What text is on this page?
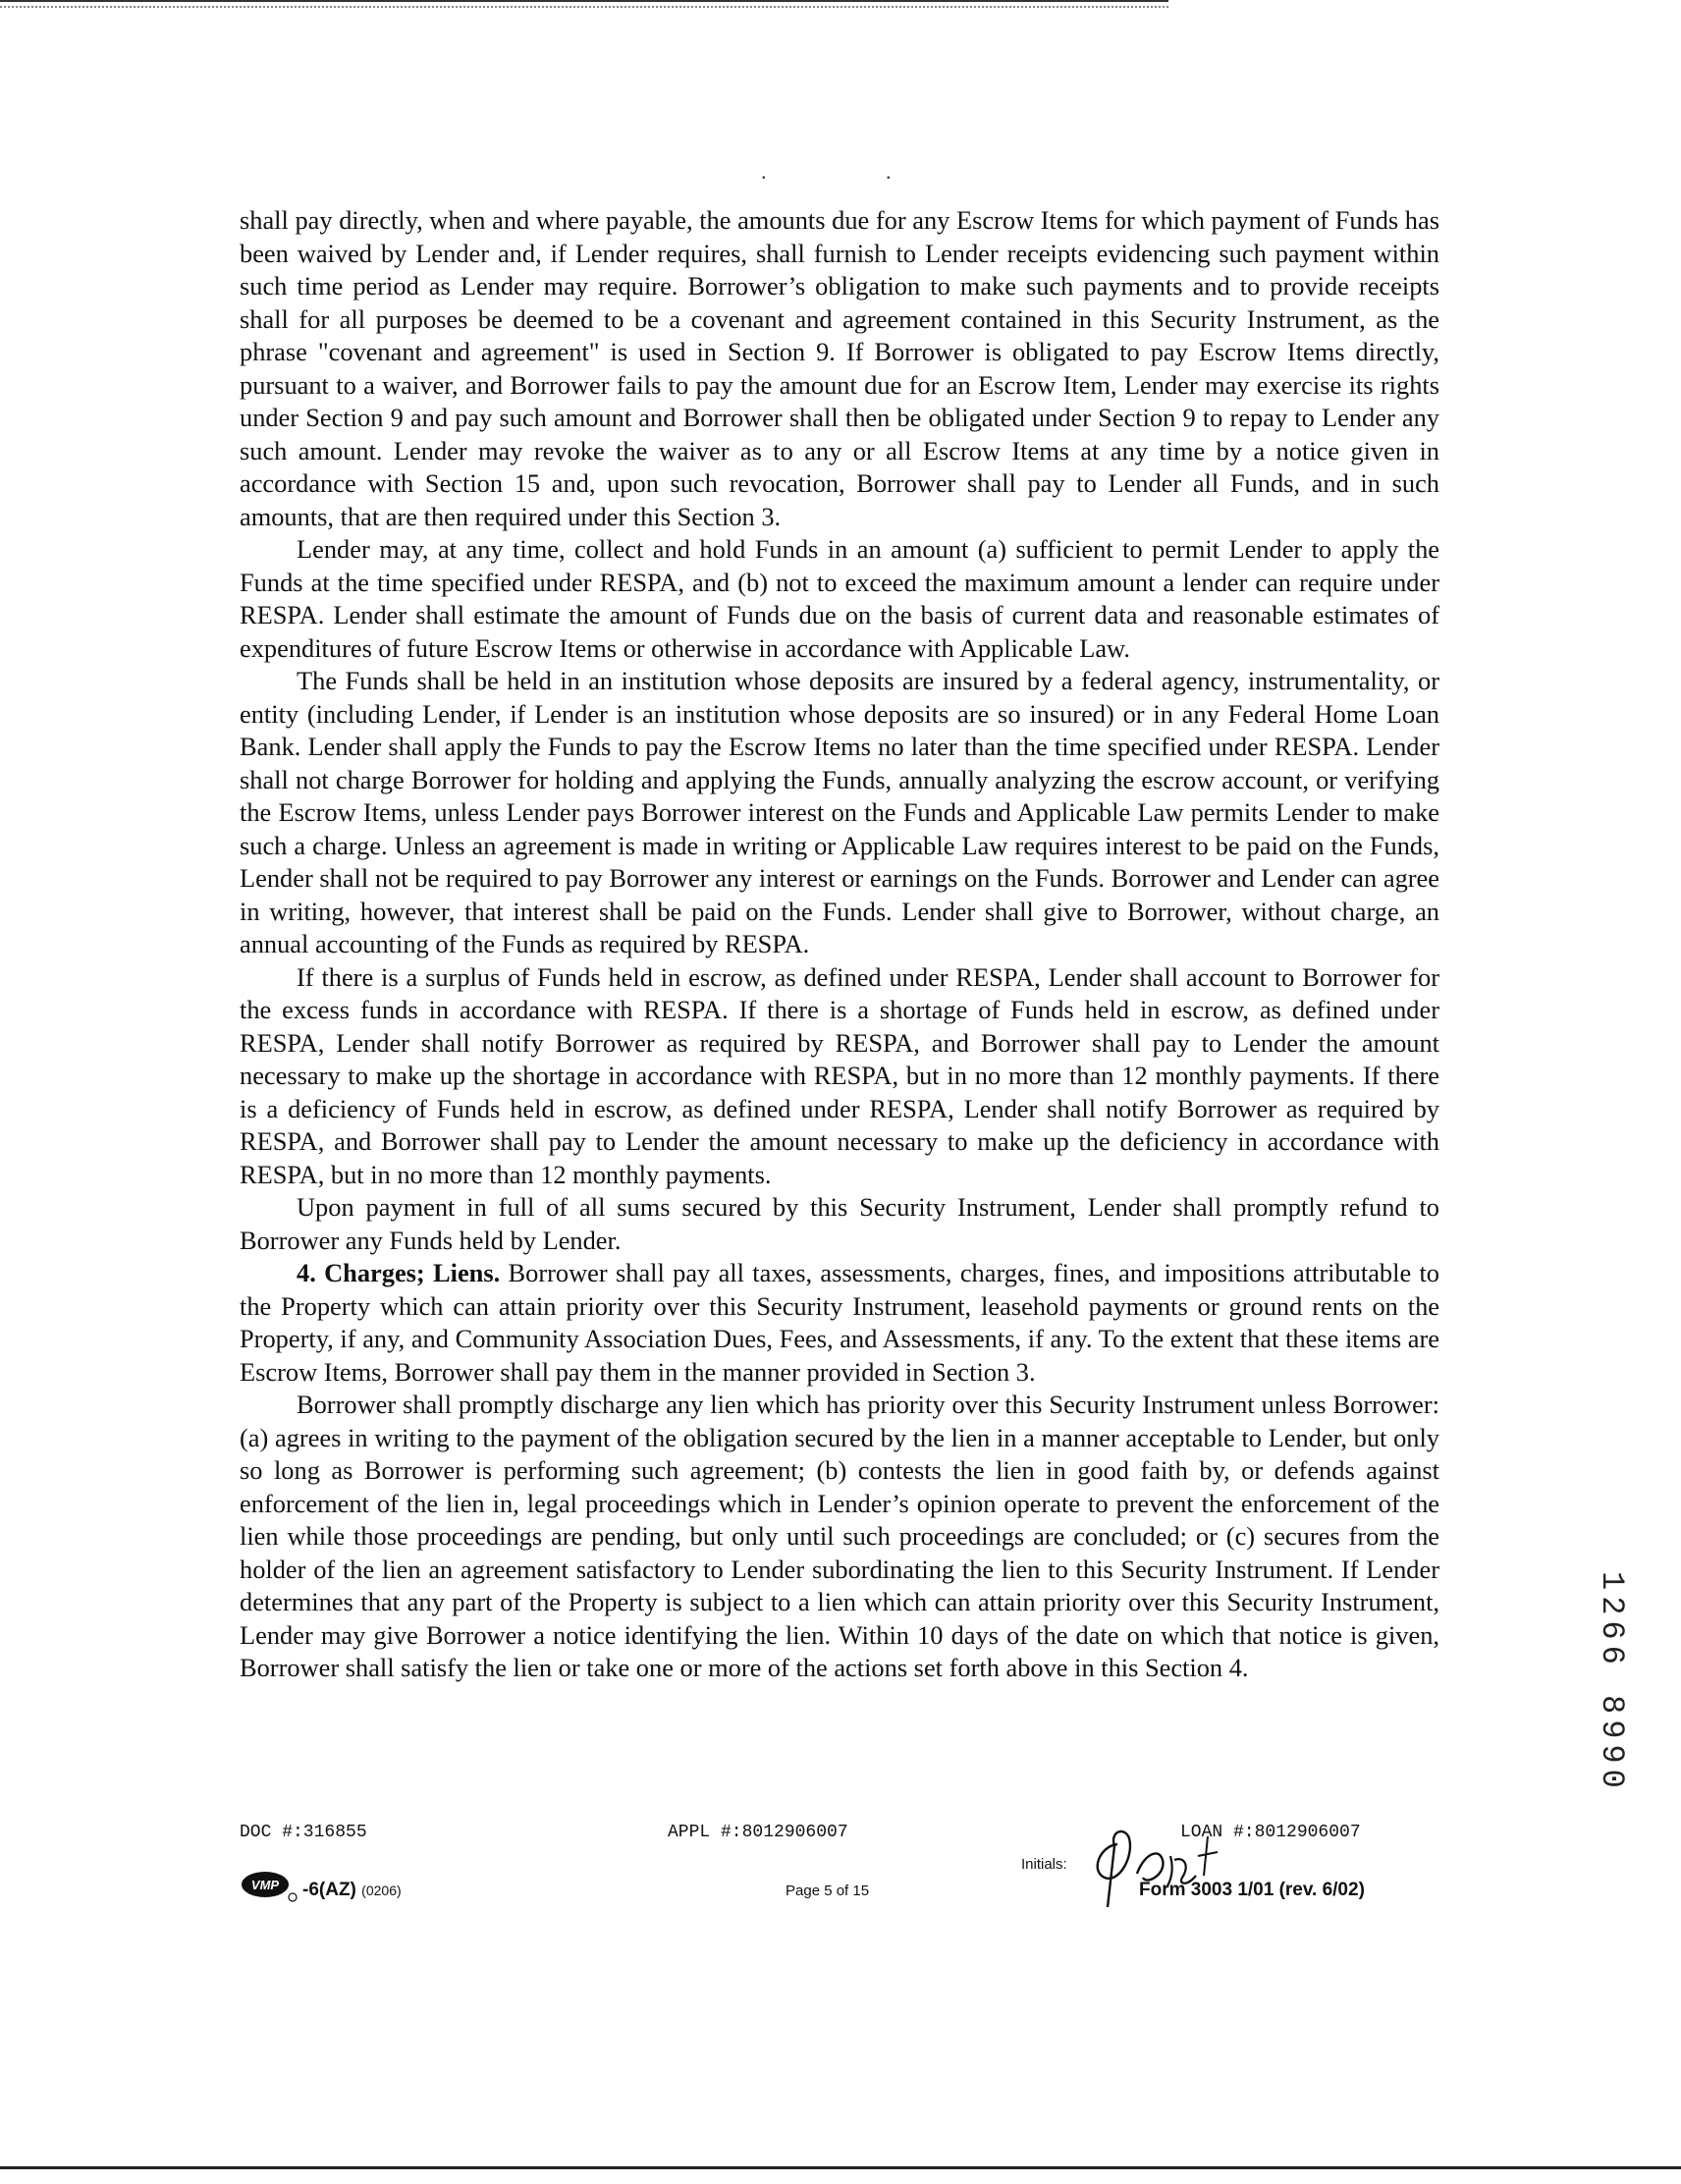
. .

shall pay directly, when and where payable, the amounts due for any Escrow Items for which payment of Funds has been waived by Lender and, if Lender requires, shall furnish to Lender receipts evidencing such payment within such time period as Lender may require. Borrower’s obligation to make such payments and to provide receipts shall for all purposes be deemed to be a covenant and agreement contained in this Security Instrument, as the phrase "covenant and agreement" is used in Section 9. If Borrower is obligated to pay Escrow Items directly, pursuant to a waiver, and Borrower fails to pay the amount due for an Escrow Item, Lender may exercise its rights under Section 9 and pay such amount and Borrower shall then be obligated under Section 9 to repay to Lender any such amount. Lender may revoke the waiver as to any or all Escrow Items at any time by a notice given in accordance with Section 15 and, upon such revocation, Borrower shall pay to Lender all Funds, and in such amounts, that are then required under this Section 3.

Lender may, at any time, collect and hold Funds in an amount (a) sufficient to permit Lender to apply the Funds at the time specified under RESPA, and (b) not to exceed the maximum amount a lender can require under RESPA. Lender shall estimate the amount of Funds due on the basis of current data and reasonable estimates of expenditures of future Escrow Items or otherwise in accordance with Applicable Law.

The Funds shall be held in an institution whose deposits are insured by a federal agency, instrumentality, or entity (including Lender, if Lender is an institution whose deposits are so insured) or in any Federal Home Loan Bank. Lender shall apply the Funds to pay the Escrow Items no later than the time specified under RESPA. Lender shall not charge Borrower for holding and applying the Funds, annually analyzing the escrow account, or verifying the Escrow Items, unless Lender pays Borrower interest on the Funds and Applicable Law permits Lender to make such a charge. Unless an agreement is made in writing or Applicable Law requires interest to be paid on the Funds, Lender shall not be required to pay Borrower any interest or earnings on the Funds. Borrower and Lender can agree in writing, however, that interest shall be paid on the Funds. Lender shall give to Borrower, without charge, an annual accounting of the Funds as required by RESPA.

If there is a surplus of Funds held in escrow, as defined under RESPA, Lender shall account to Borrower for the excess funds in accordance with RESPA. If there is a shortage of Funds held in escrow, as defined under RESPA, Lender shall notify Borrower as required by RESPA, and Borrower shall pay to Lender the amount necessary to make up the shortage in accordance with RESPA, but in no more than 12 monthly payments. If there is a deficiency of Funds held in escrow, as defined under RESPA, Lender shall notify Borrower as required by RESPA, and Borrower shall pay to Lender the amount necessary to make up the deficiency in accordance with RESPA, but in no more than 12 monthly payments.

Upon payment in full of all sums secured by this Security Instrument, Lender shall promptly refund to Borrower any Funds held by Lender.

4. Charges; Liens. Borrower shall pay all taxes, assessments, charges, fines, and impositions attributable to the Property which can attain priority over this Security Instrument, leasehold payments or ground rents on the Property, if any, and Community Association Dues, Fees, and Assessments, if any. To the extent that these items are Escrow Items, Borrower shall pay them in the manner provided in Section 3.

Borrower shall promptly discharge any lien which has priority over this Security Instrument unless Borrower: (a) agrees in writing to the payment of the obligation secured by the lien in a manner acceptable to Lender, but only so long as Borrower is performing such agreement; (b) contests the lien in good faith by, or defends against enforcement of the lien in, legal proceedings which in Lender’s opinion operate to prevent the enforcement of the lien while those proceedings are pending, but only until such proceedings are concluded; or (c) secures from the holder of the lien an agreement satisfactory to Lender subordinating the lien to this Security Instrument. If Lender determines that any part of the Property is subject to a lien which can attain priority over this Security Instrument, Lender may give Borrower a notice identifying the lien. Within 10 days of the date on which that notice is given, Borrower shall satisfy the lien or take one or more of the actions set forth above in this Section 4.

DOC #:316855	APPL #:8012906007	LOAN #:8012906007
VMP -6(AZ) (0206)	Page 5 of 15
Initials:
Form 3003 1/01 (rev. 6/02)
1266 8990
